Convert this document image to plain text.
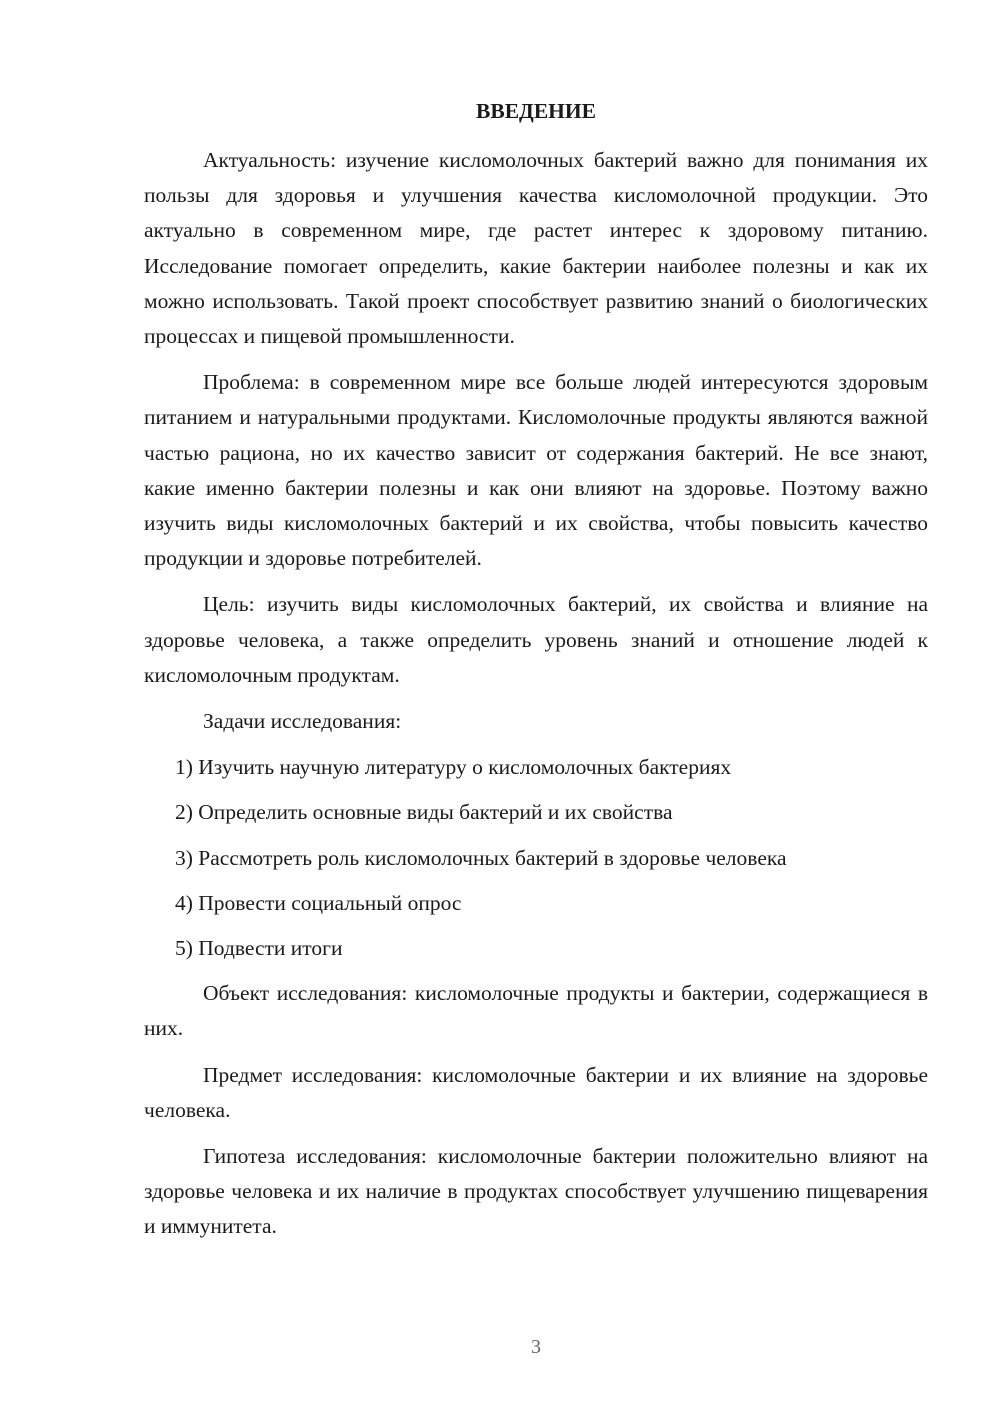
ВВЕДЕНИЕ

Актуальность: изучение кисломолочных бактерий важно для понимания их пользы для здоровья и улучшения качества кисломолочной продукции. Это актуально в современном мире, где растет интерес к здоровому питанию. Исследование помогает определить, какие бактерии наиболее полезны и как их можно использовать. Такой проект способствует развитию знаний о биологических процессах и пищевой промышленности.

Проблема: в современном мире все больше людей интересуются здоровым питанием и натуральными продуктами. Кисломолочные продукты являются важной частью рациона, но их качество зависит от содержания бактерий. Не все знают, какие именно бактерии полезны и как они влияют на здоровье. Поэтому важно изучить виды кисломолочных бактерий и их свойства, чтобы повысить качество продукции и здоровье потребителей.

Цель: изучить виды кисломолочных бактерий, их свойства и влияние на здоровье человека, а также определить уровень знаний и отношение людей к кисломолочным продуктам.

Задачи исследования:

1) Изучить научную литературу о кисломолочных бактериях
2) Определить основные виды бактерий и их свойства
3) Рассмотреть роль кисломолочных бактерий в здоровье человека
4) Провести социальный опрос
5) Подвести итоги

Объект исследования: кисломолочные продукты и бактерии, содержащиеся в них.

Предмет исследования: кисломолочные бактерии и их влияние на здоровье человека.

Гипотеза исследования: кисломолочные бактерии положительно влияют на здоровье человека и их наличие в продуктах способствует улучшению пищеварения и иммунитета.

3
